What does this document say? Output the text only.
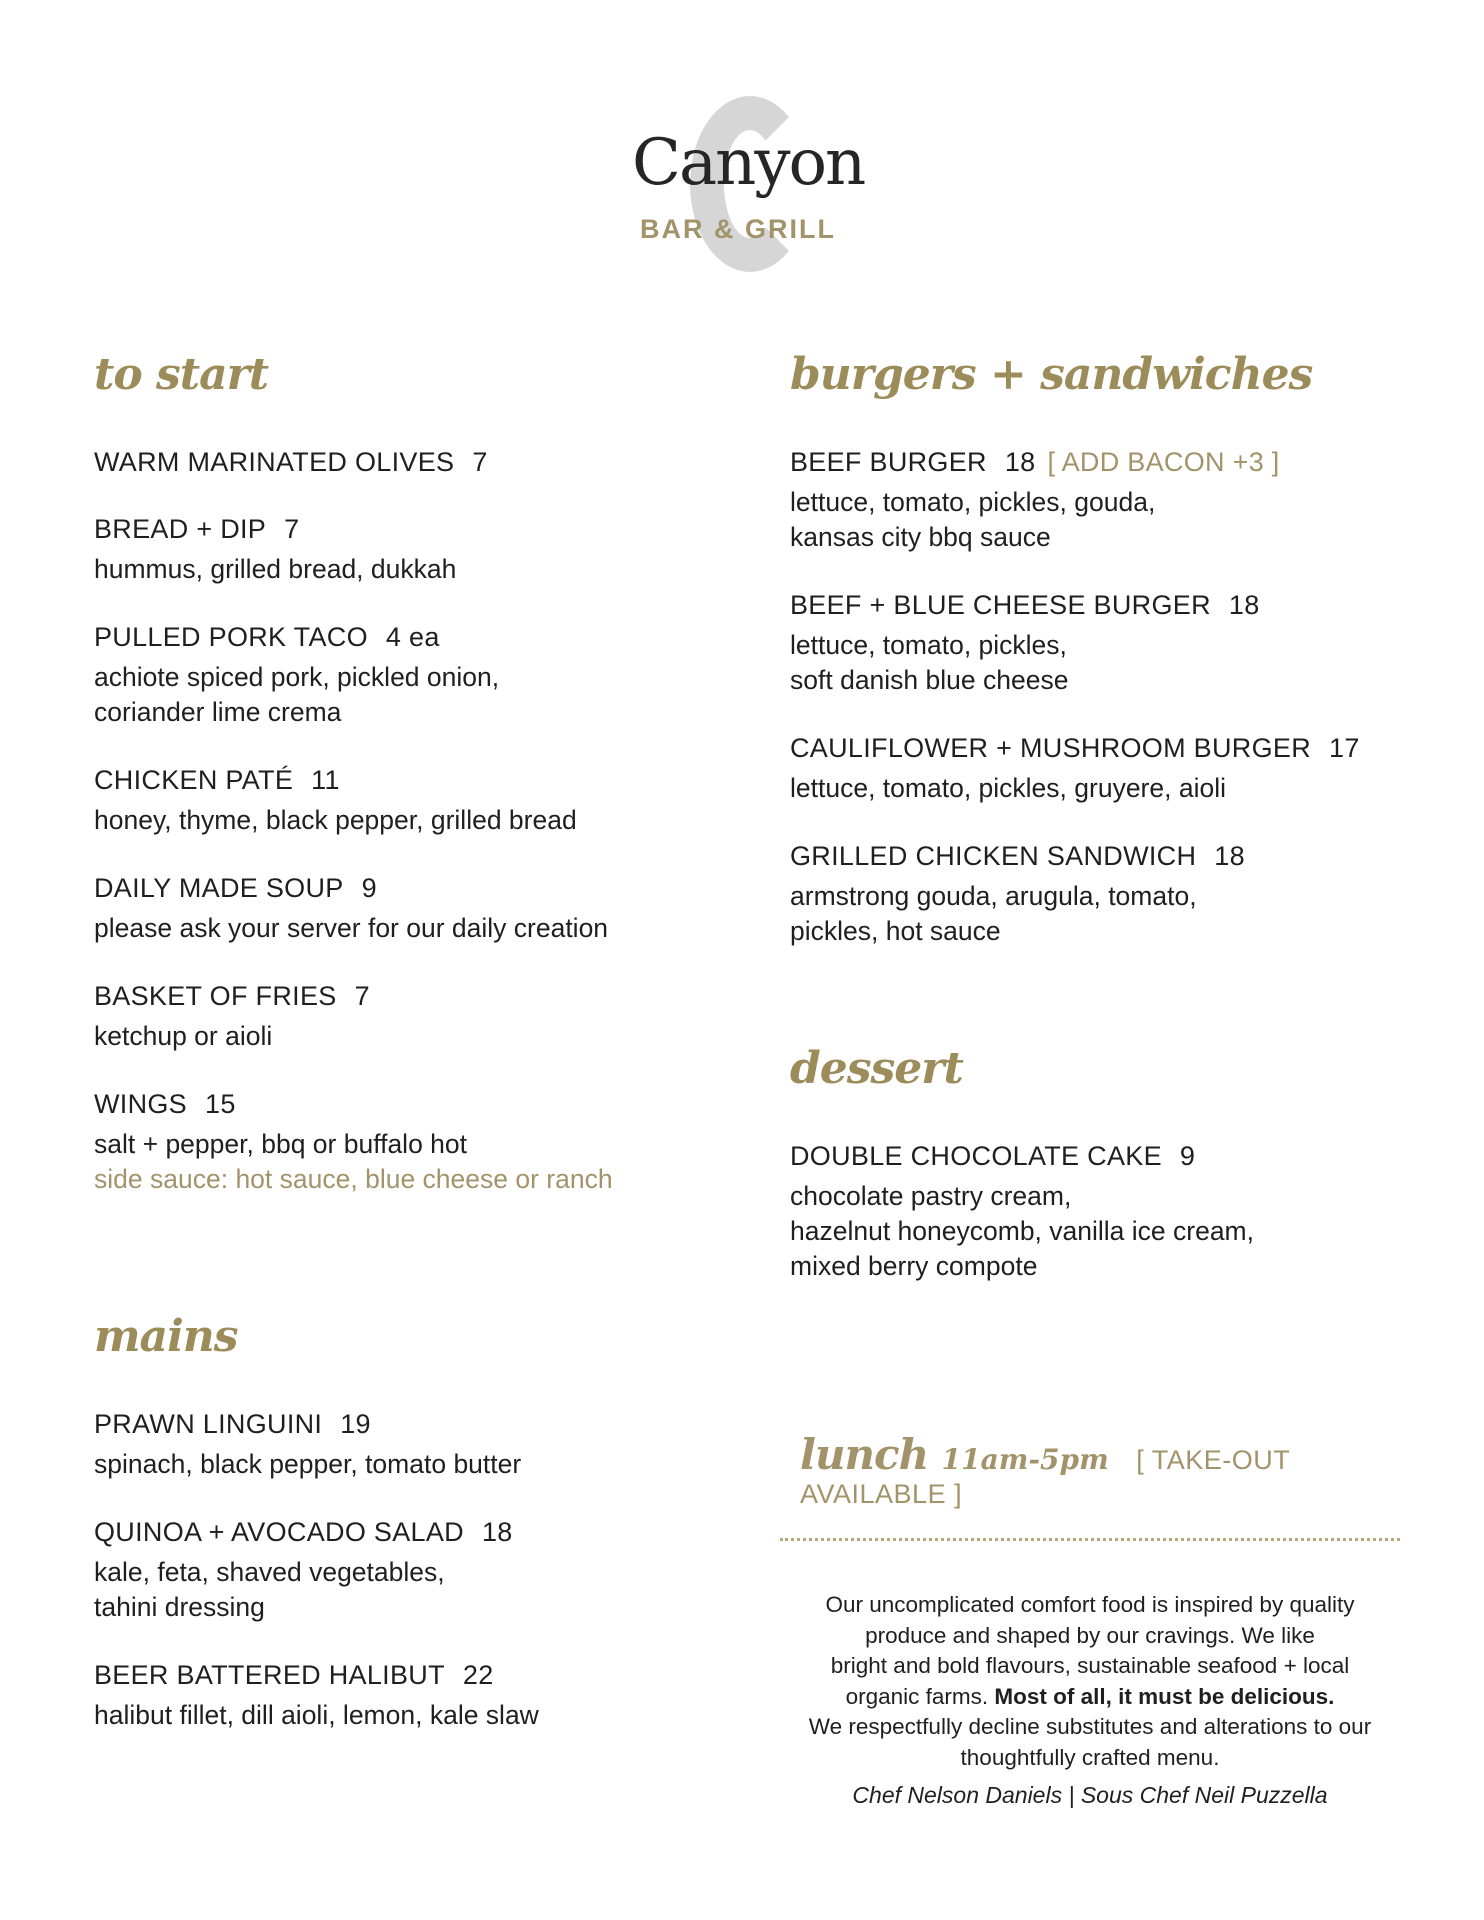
Canyon
BAR & GRILL
to start
WARM MARINATED OLIVES 7
BREAD + DIP 7
hummus, grilled bread, dukkah
PULLED PORK TACO 4 ea
achiote spiced pork, pickled onion,
coriander lime crema
CHICKEN PATÉ 11
honey, thyme, black pepper, grilled bread
DAILY MADE SOUP 9
please ask your server for our daily creation
BASKET OF FRIES 7
ketchup or aioli
WINGS 15
salt + pepper, bbq or buffalo hot
side sauce: hot sauce, blue cheese or ranch
mains
PRAWN LINGUINI 19
spinach, black pepper, tomato butter
QUINOA + AVOCADO SALAD 18
kale, feta, shaved vegetables,
tahini dressing
BEER BATTERED HALIBUT 22
halibut fillet, dill aioli, lemon, kale slaw
burgers + sandwiches
BEEF BURGER 18 [ ADD BACON +3 ]
lettuce, tomato, pickles, gouda,
kansas city bbq sauce
BEEF + BLUE CHEESE BURGER 18
lettuce, tomato, pickles,
soft danish blue cheese
CAULIFLOWER + MUSHROOM BURGER 17
lettuce, tomato, pickles, gruyere, aioli
GRILLED CHICKEN SANDWICH 18
armstrong gouda, arugula, tomato,
pickles, hot sauce
dessert
DOUBLE CHOCOLATE CAKE 9
chocolate pastry cream,
hazelnut honeycomb, vanilla ice cream,
mixed berry compote
lunch 11am-5pm [ TAKE-OUT AVAILABLE ]
Our uncomplicated comfort food is inspired by quality
produce and shaped by our cravings. We like
bright and bold flavours, sustainable seafood + local
organic farms. Most of all, it must be delicious.
We respectfully decline substitutes and alterations to our
thoughtfully crafted menu.
Chef Nelson Daniels | Sous Chef Neil Puzzella
